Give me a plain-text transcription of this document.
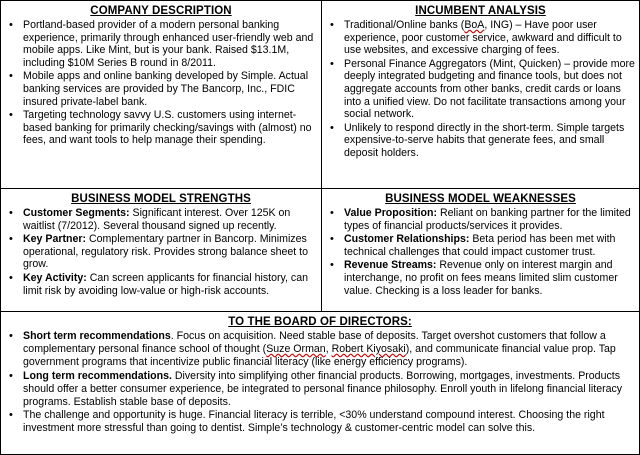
COMPANY DESCRIPTION
• Portland-based provider of a modern personal banking experience, primarily through enhanced user-friendly web and mobile apps. Like Mint, but is your bank. Raised $13.1M, including $10M Series B round in 8/2011.
• Mobile apps and online banking developed by Simple. Actual banking services are provided by The Bancorp, Inc., FDIC insured private-label bank.
• Targeting technology savvy U.S. customers using internet-based banking for primarily checking/savings with (almost) no fees, and want tools to help manage their spending.
INCUMBENT ANALYSIS
• Traditional/Online banks (BoA, ING) – Have poor user experience, poor customer service, awkward and difficult to use websites, and excessive charging of fees.
• Personal Finance Aggregators (Mint, Quicken) – provide more deeply integrated budgeting and finance tools, but does not aggregate accounts from other banks, credit cards or loans into a unified view. Do not facilitate transactions among your social network.
• Unlikely to respond directly in the short-term. Simple targets expensive-to-serve habits that generate fees, and small deposit holders.
BUSINESS MODEL STRENGTHS
• Customer Segments: Significant interest. Over 125K on waitlist (7/2012). Several thousand signed up recently.
• Key Partner: Complementary partner in Bancorp. Minimizes operational, regulatory risk. Provides strong balance sheet to grow.
• Key Activity: Can screen applicants for financial history, can limit risk by avoiding low-value or high-risk accounts.
BUSINESS MODEL WEAKNESSES
• Value Proposition: Reliant on banking partner for the limited types of financial products/services it provides.
• Customer Relationships: Beta period has been met with technical challenges that could impact customer trust.
• Revenue Streams: Revenue only on interest margin and interchange, no profit on fees means limited slim customer value. Checking is a loss leader for banks.
TO THE BOARD OF DIRECTORS:
• Short term recommendations. Focus on acquisition. Need stable base of deposits. Target overshot customers that follow a complementary personal finance school of thought (Suze Orman, Robert Kiyosaki), and communicate financial value prop. Tap government programs that incentivize public financial literacy (like energy efficiency programs).
• Long term recommendations. Diversity into simplifying other financial products. Borrowing, mortgages, investments. Products should offer a better consumer experience, be integrated to personal finance philosophy. Enroll youth in lifelong financial literacy programs. Establish stable base of deposits.
• The challenge and opportunity is huge. Financial literacy is terrible, <30% understand compound interest. Choosing the right investment more stressful than going to dentist. Simple’s technology & customer-centric model can solve this.
